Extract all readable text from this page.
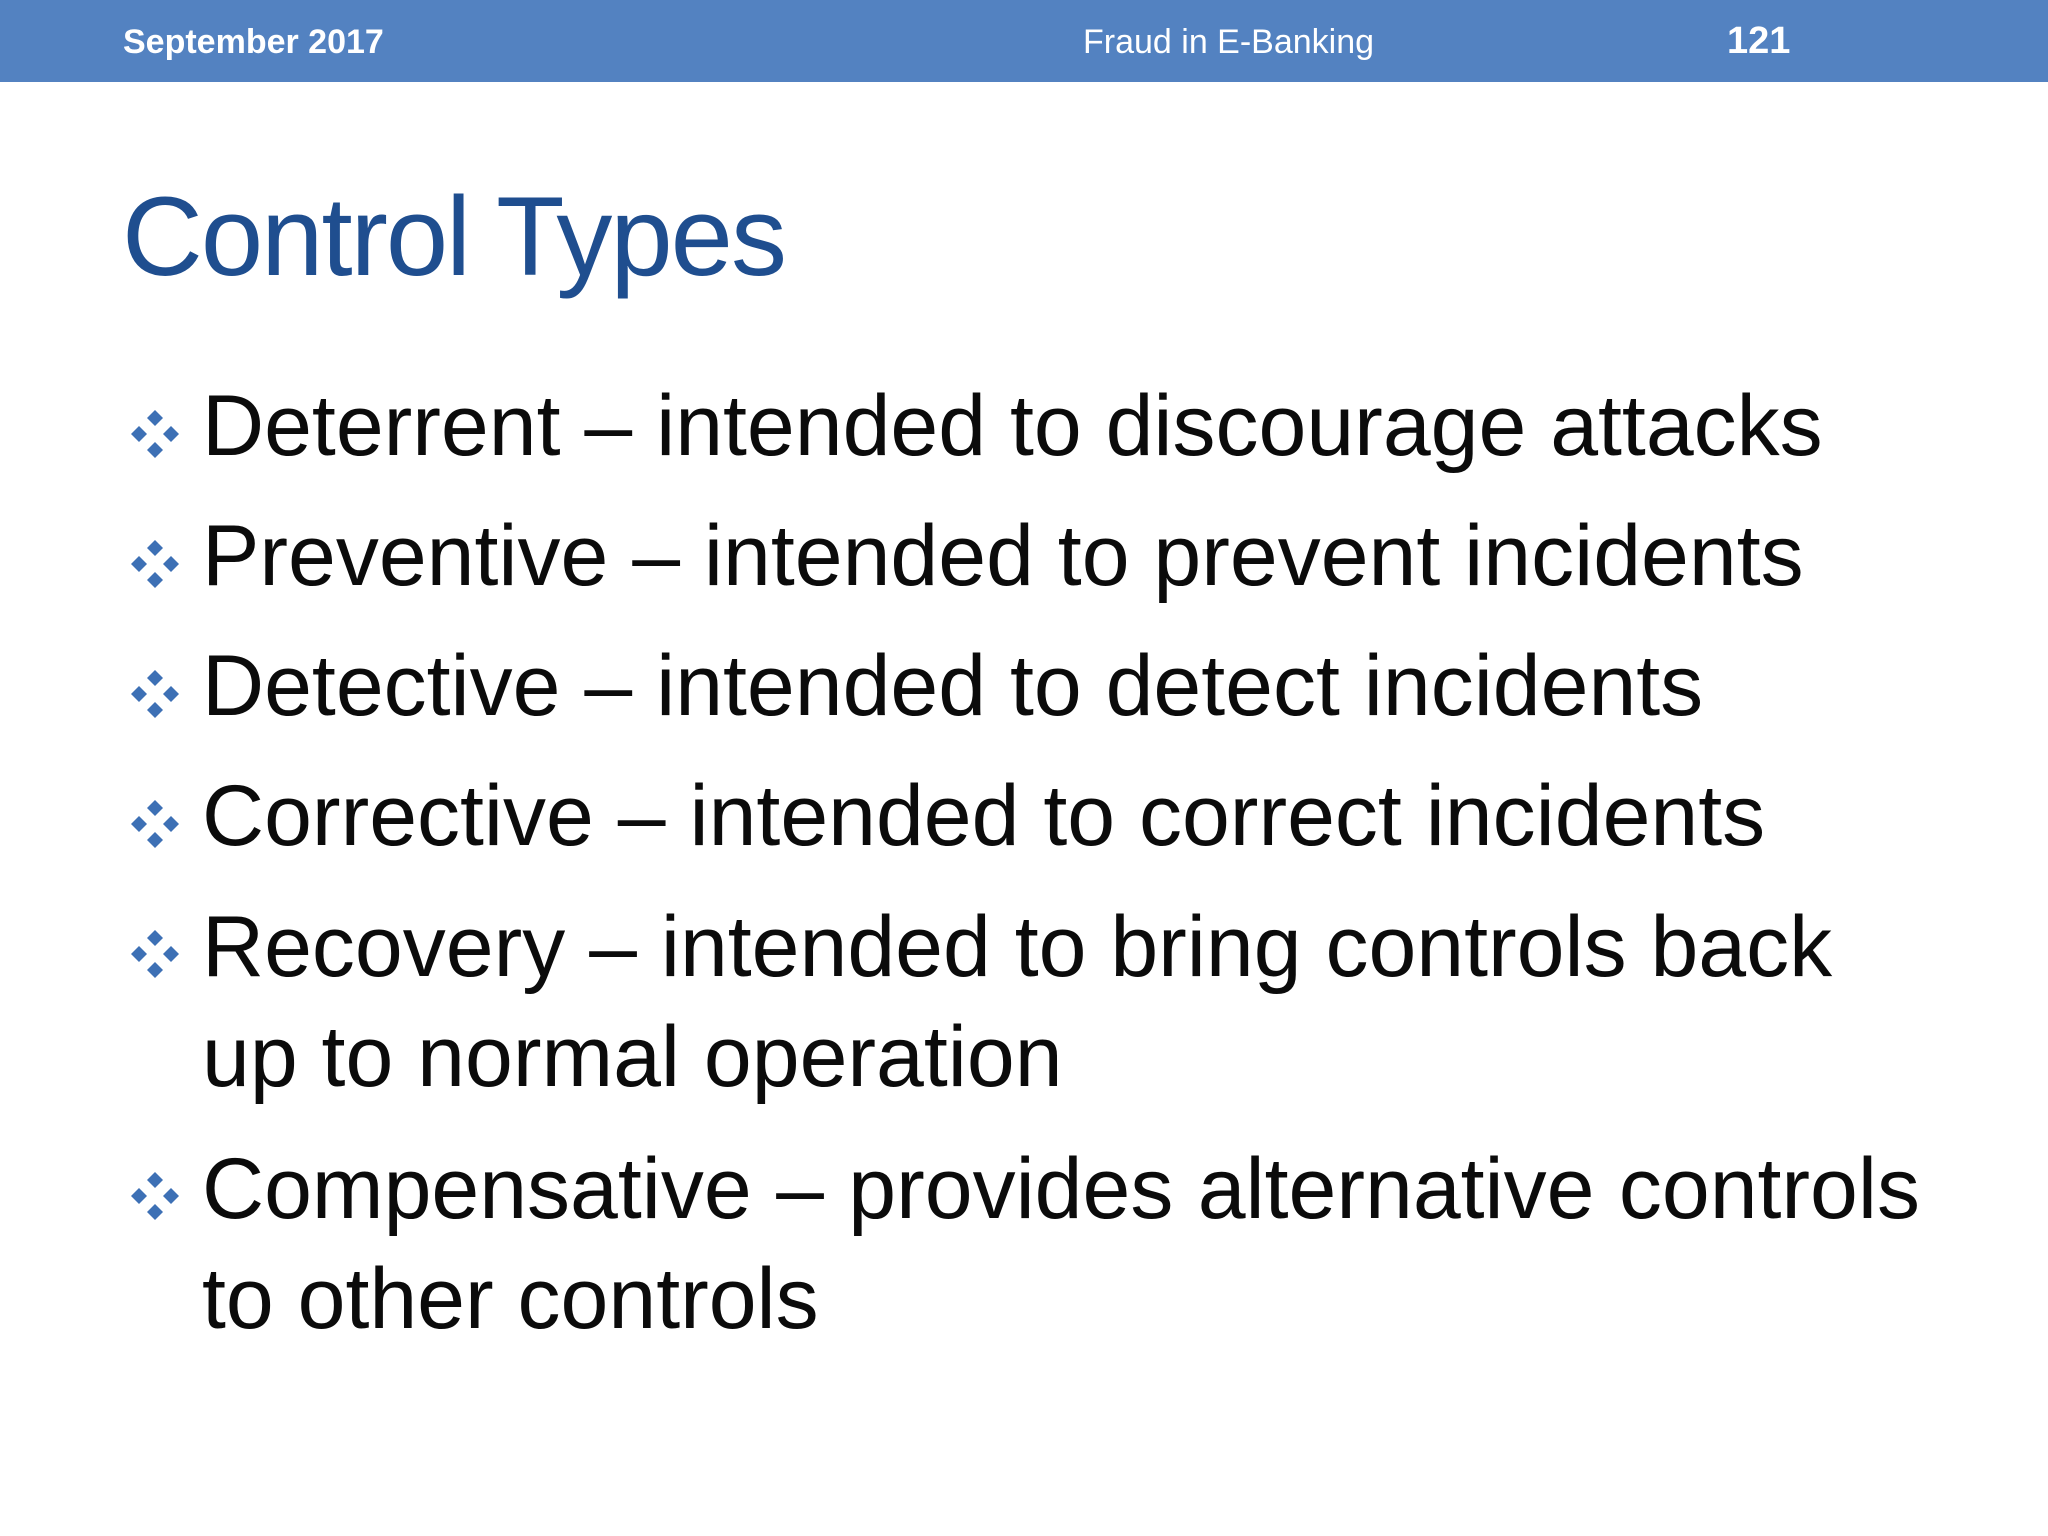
September 2017	Fraud in E-Banking	121
Control Types
Deterrent – intended to discourage attacks
Preventive – intended to prevent incidents
Detective – intended to detect incidents
Corrective – intended to correct incidents
Recovery – intended to bring controls back up to normal operation
Compensative – provides alternative controls to other controls
